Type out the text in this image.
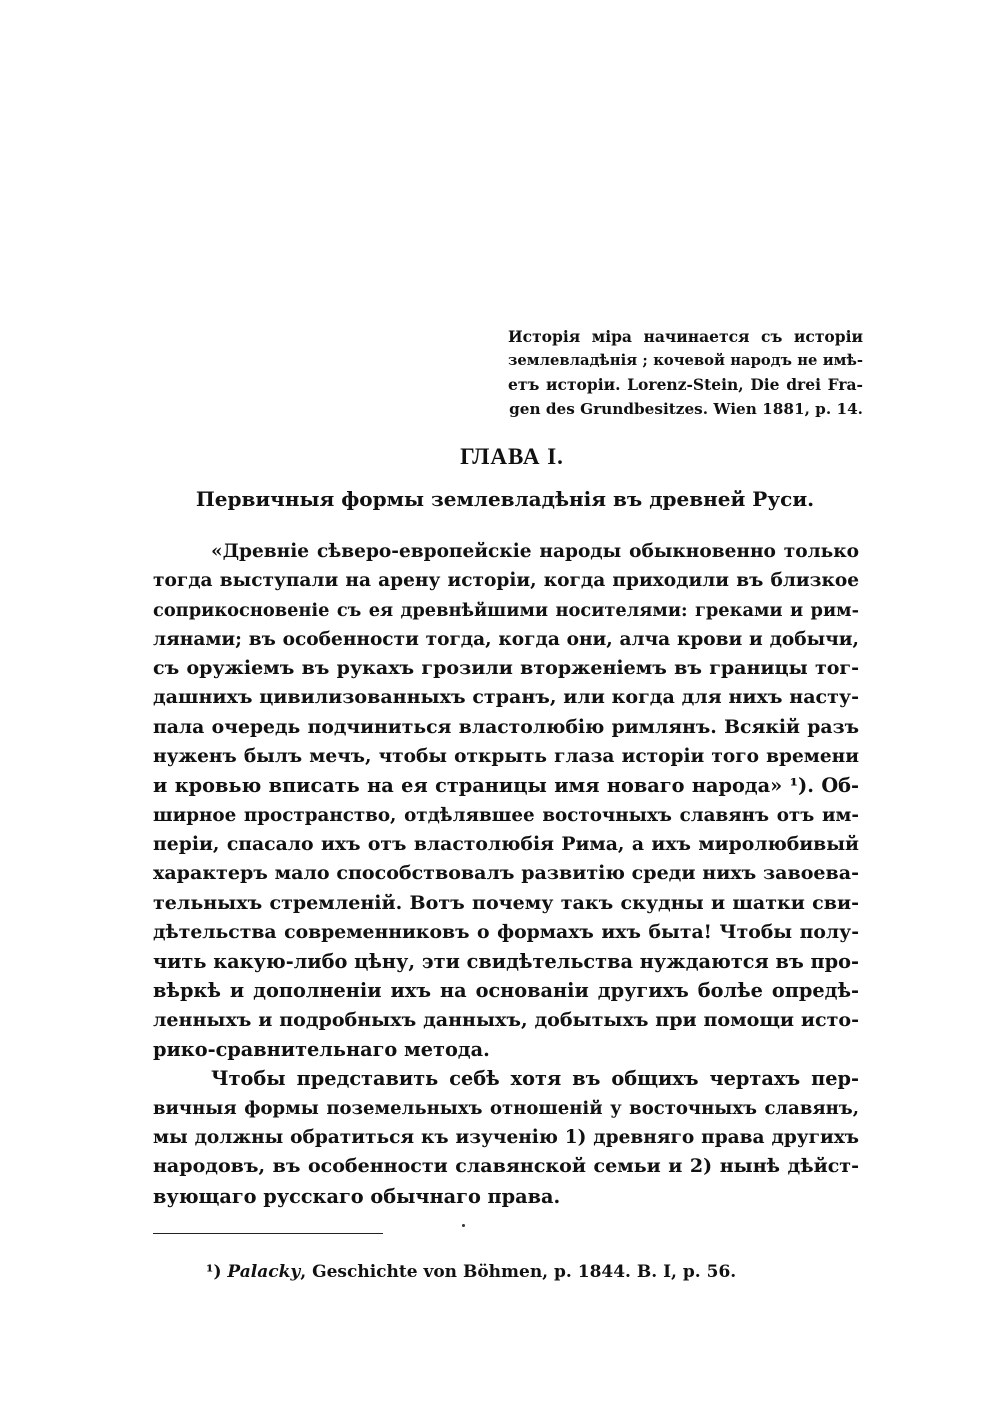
Исторія міра начинается съ исторіи
землевладѣнія ; кочевой народъ не имѣ-
етъ исторіи. Lorenz-Stein, Die drei Fra-
gen des Grundbesitzes. Wien 1881, p. 14.
ГЛАВА I.
Первичныя формы землевладѣнія въ древней Руси.
«Древніе сѣверо-европейскіе народы обыкновенно только
тогда выступали на арену исторіи, когда приходили въ близкое
соприкосновеніе съ ея древнѣйшими носителями: греками и рим-
лянами; въ особенности тогда, когда они, алча крови и добычи,
съ оружіемъ въ рукахъ грозили вторженіемъ въ границы тог-
дашнихъ цивилизованныхъ странъ, или когда для нихъ насту-
пала очередь подчиниться властолюбію римлянъ. Всякій разъ
нуженъ былъ мечъ, чтобы открыть глаза исторіи того времени
и кровью вписать на ея страницы имя новаго народа» ¹). Об-
ширное пространство, отдѣлявшее восточныхъ славянъ отъ им-
періи, спасало ихъ отъ властолюбія Рима, а ихъ миролюбивый
характеръ мало способствовалъ развитію среди нихъ завоева-
тельныхъ стремленій. Вотъ почему такъ скудны и шатки сви-
дѣтельства современниковъ о формахъ ихъ быта! Чтобы полу-
чить какую-либо цѣну, эти свидѣтельства нуждаются въ про-
вѣркѣ и дополненіи ихъ на основаніи другихъ болѣе опредѣ-
ленныхъ и подробныхъ данныхъ, добытыхъ при помощи исто-
рико-сравнительнаго метода.
Чтобы представить себѣ хотя въ общихъ чертахъ пер-
вичныя формы поземельныхъ отношеній у восточныхъ славянъ,
мы должны обратиться къ изученію 1) древняго права другихъ
народовъ, въ особенности славянской семьи и 2) нынѣ дѣйст-
вующаго русскаго обычнаго права.
¹) Palacky, Geschichte von Böhmen, p. 1844. B. I, p. 56.
